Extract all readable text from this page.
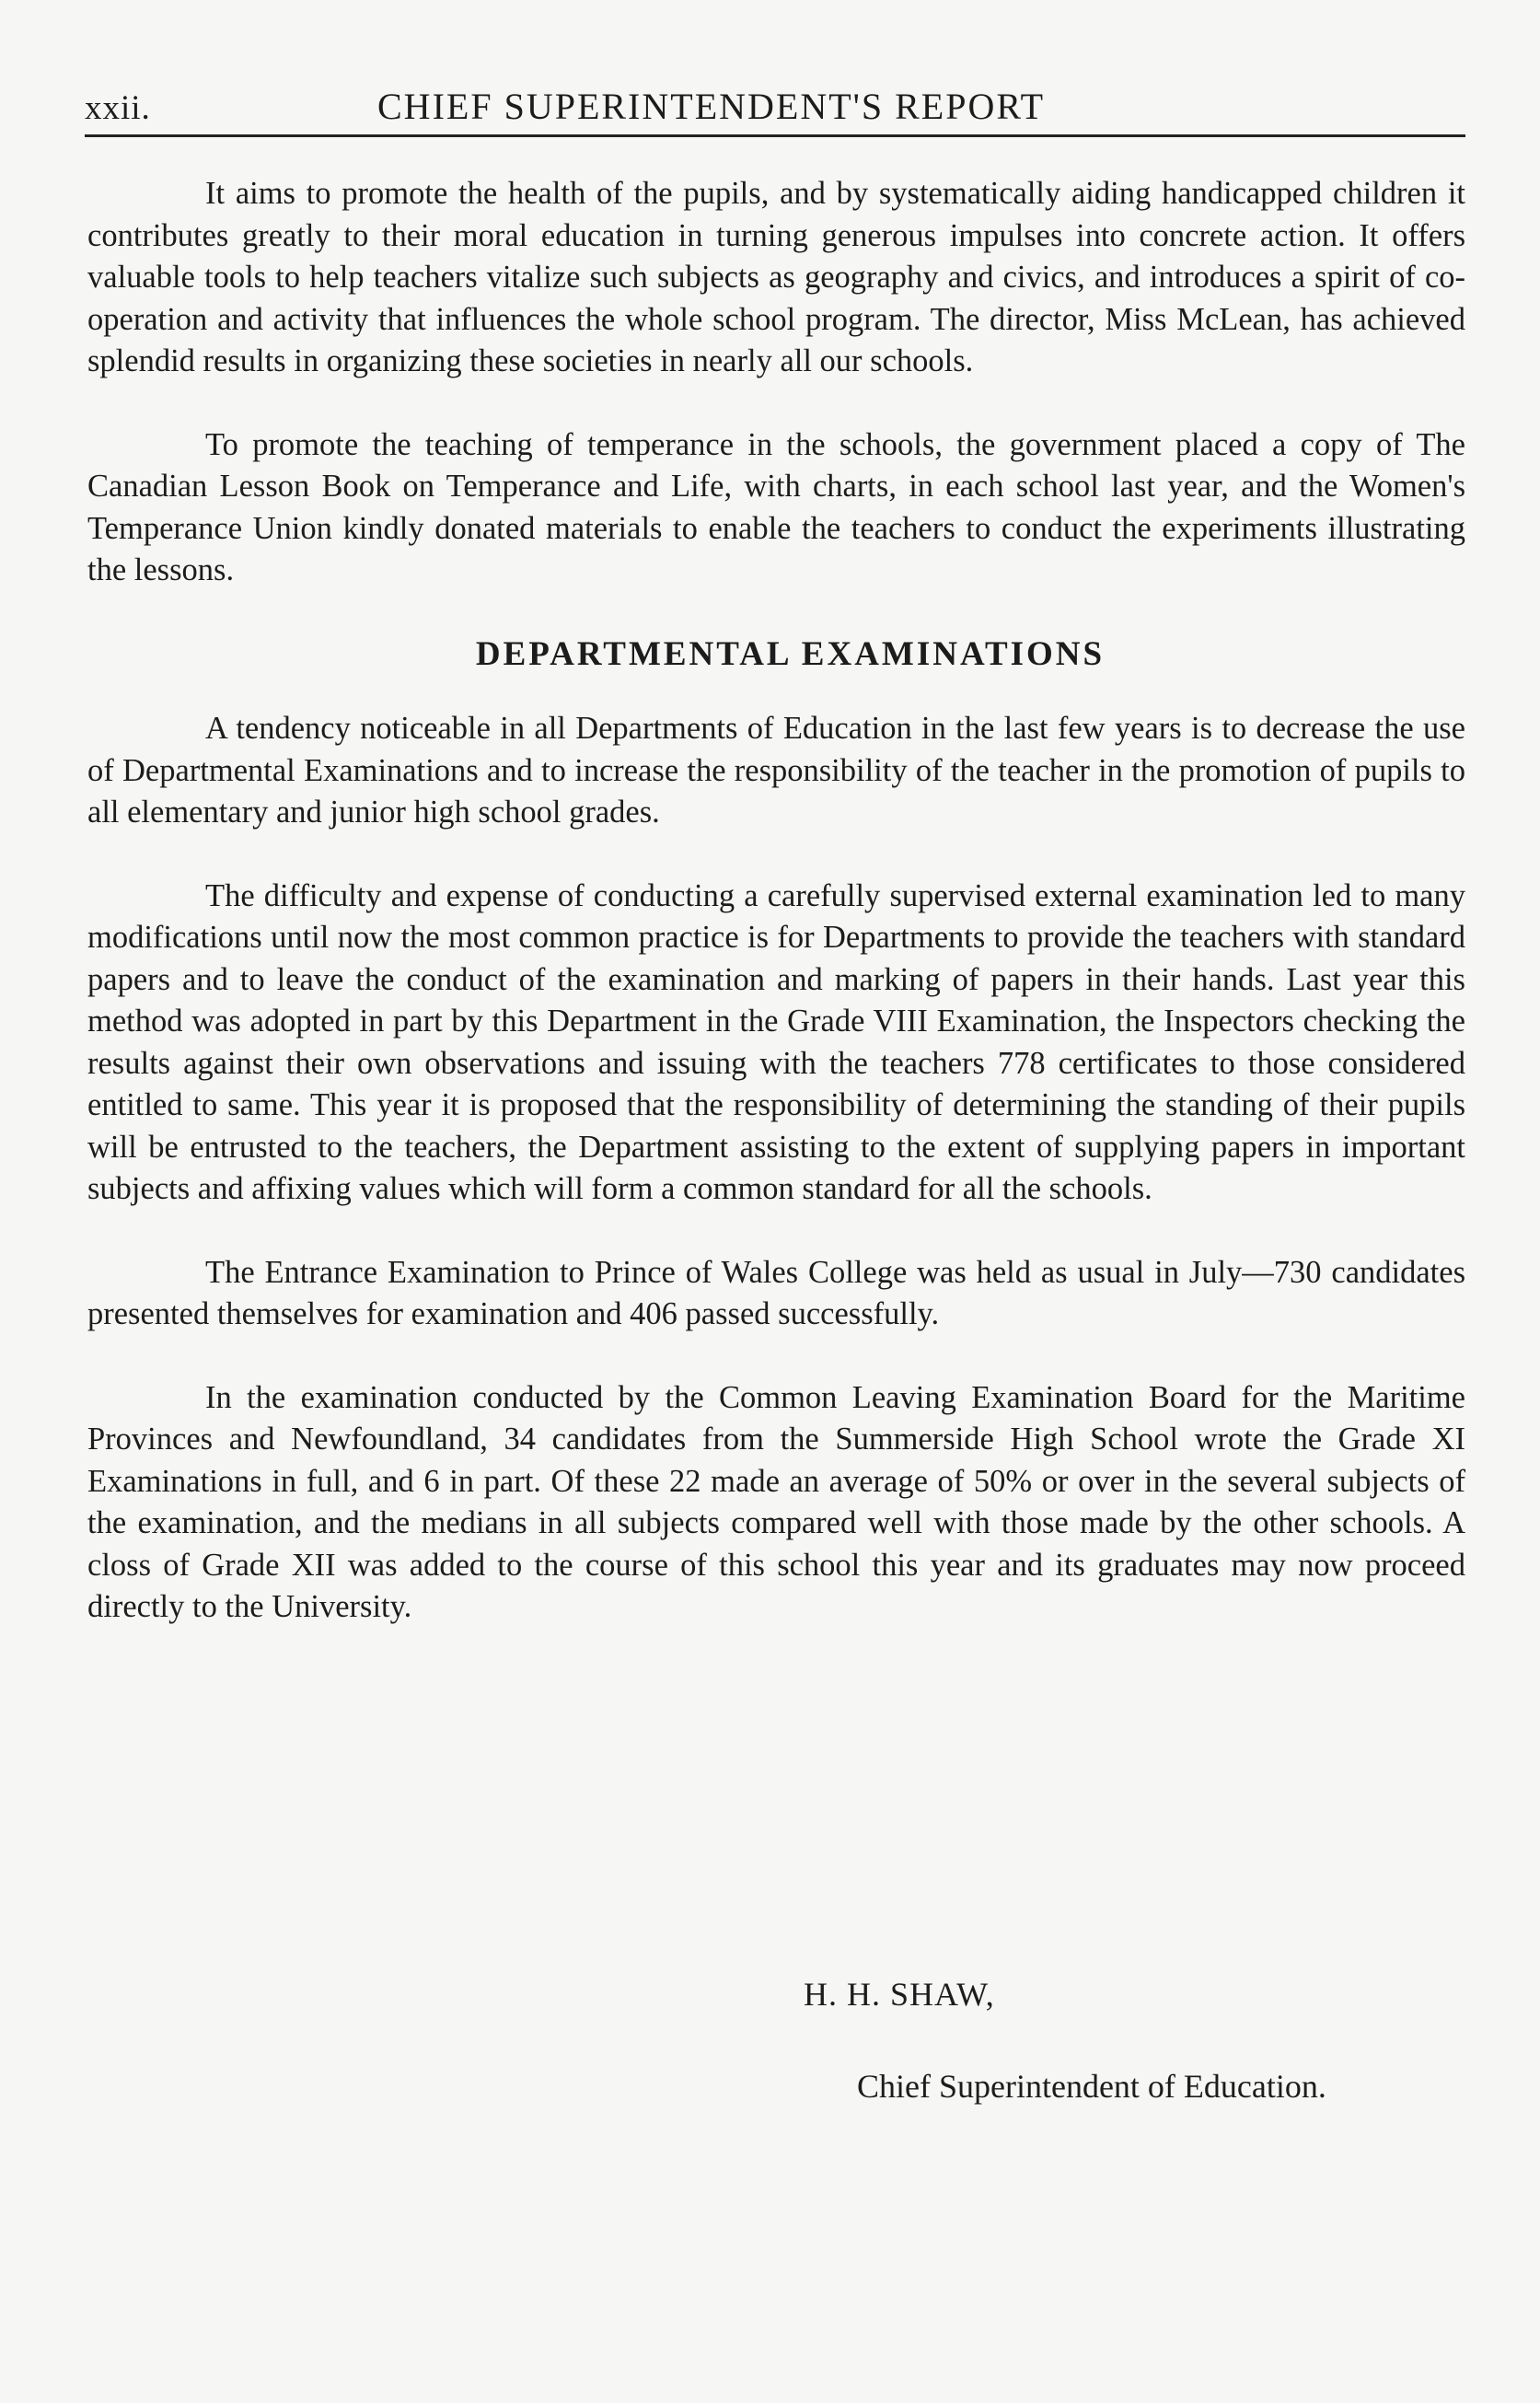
xxii.	CHIEF SUPERINTENDENT'S REPORT

It aims to promote the health of the pupils, and by systematically aiding handicapped children it contributes greatly to their moral education in turning generous impulses into concrete action. It offers valuable tools to help teachers vitalize such subjects as geography and civics, and introduces a spirit of co-operation and activity that influences the whole school program. The director, Miss McLean, has achieved splendid results in organizing these societies in nearly all our schools.

To promote the teaching of temperance in the schools, the government placed a copy of The Canadian Lesson Book on Temperance and Life, with charts, in each school last year, and the Women's Temperance Union kindly donated materials to enable the teachers to conduct the experiments illustrating the lessons.

DEPARTMENTAL EXAMINATIONS

A tendency noticeable in all Departments of Education in the last few years is to decrease the use of Departmental Examinations and to increase the responsibility of the teacher in the promotion of pupils to all elementary and junior high school grades.

The difficulty and expense of conducting a carefully supervised external examination led to many modifications until now the most common practice is for Departments to provide the teachers with standard papers and to leave the conduct of the examination and marking of papers in their hands. Last year this method was adopted in part by this Department in the Grade VIII Examination, the Inspectors checking the results against their own observations and issuing with the teachers 778 certificates to those considered entitled to same. This year it is proposed that the responsibility of determining the standing of their pupils will be entrusted to the teachers, the Department assisting to the extent of supplying papers in important subjects and affixing values which will form a common standard for all the schools.

The Entrance Examination to Prince of Wales College was held as usual in July—730 candidates presented themselves for examination and 406 passed successfully.

In the examination conducted by the Common Leaving Examination Board for the Maritime Provinces and Newfoundland, 34 candidates from the Summerside High School wrote the Grade XI Examinations in full, and 6 in part. Of these 22 made an average of 50% or over in the several subjects of the examination, and the medians in all subjects compared well with those made by the other schools. A closs of Grade XII was added to the course of this school this year and its graduates may now proceed directly to the University.

H. H. SHAW,
Chief Superintendent of Education.
